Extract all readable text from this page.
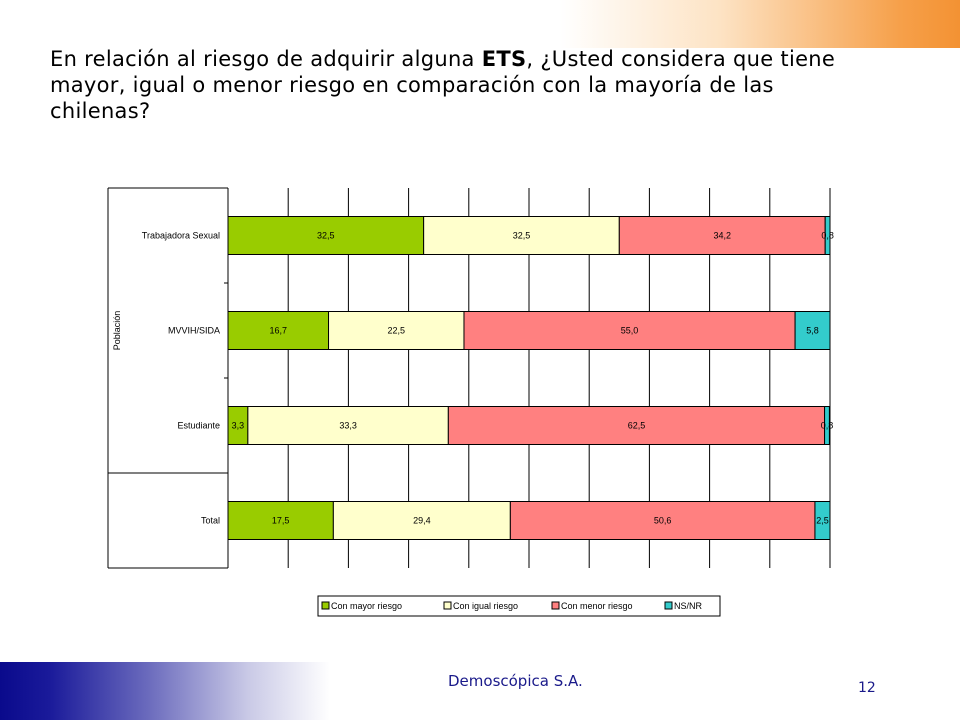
En relación al riesgo de adquirir alguna ETS, ¿Usted considera que tiene mayor, igual o menor riesgo en comparación con la mayoría de las chilenas?
Población
Trabajadora Sexual	32,5	32,5	34,2	0,8
MVVIH/SIDA	16,7	22,5	55,0	5,8
Estudiante 3,3	33,3	62,5	0,8
Total	17,5	29,4	50,6	2,5
Con mayor riesgo	Con igual riesgo	Con menor riesgo	NS/NR
Demoscópica S.A.	12
